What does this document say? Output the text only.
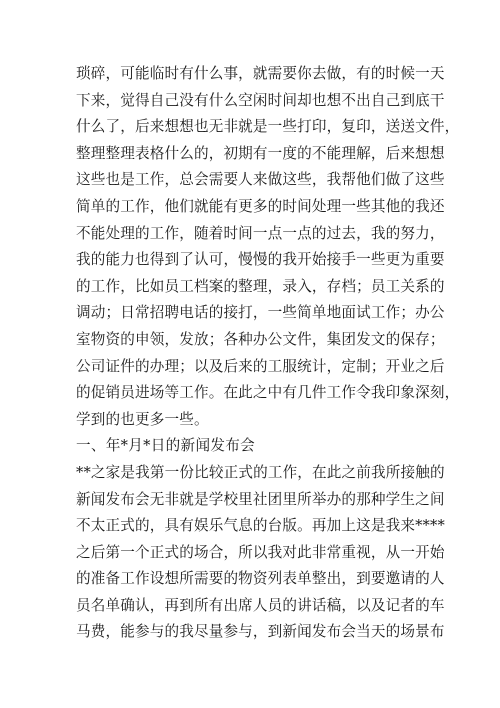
琐碎，可能临时有什么事，就需要你去做，有的时候一天
下来，觉得自己没有什么空闲时间却也想不出自己到底干
什么了，后来想想也无非就是一些打印，复印，送送文件，
整理整理表格什么的，初期有一度的不能理解，后来想想
这些也是工作，总会需要人来做这些，我帮他们做了这些
简单的工作，他们就能有更多的时间处理一些其他的我还
不能处理的工作，随着时间一点一点的过去，我的努力，
我的能力也得到了认可，慢慢的我开始接手一些更为重要
的工作，比如员工档案的整理，录入，存档；员工关系的
调动；日常招聘电话的接打，一些简单地面试工作；办公
室物资的申领，发放；各种办公文件，集团发文的保存；
公司证件的办理；以及后来的工服统计，定制；开业之后
的促销员进场等工作。在此之中有几件工作令我印象深刻，
学到的也更多一些。
一、年*月*日的新闻发布会
**之家是我第一份比较正式的工作，在此之前我所接触的
新闻发布会无非就是学校里社团里所举办的那种学生之间
不太正式的，具有娱乐气息的台版。再加上这是我来****
之后第一个正式的场合，所以我对此非常重视，从一开始
的准备工作设想所需要的物资列表单整出，到要邀请的人
员名单确认，再到所有出席人员的讲话稿，以及记者的车
马费，能参与的我尽量参与，到新闻发布会当天的场景布
